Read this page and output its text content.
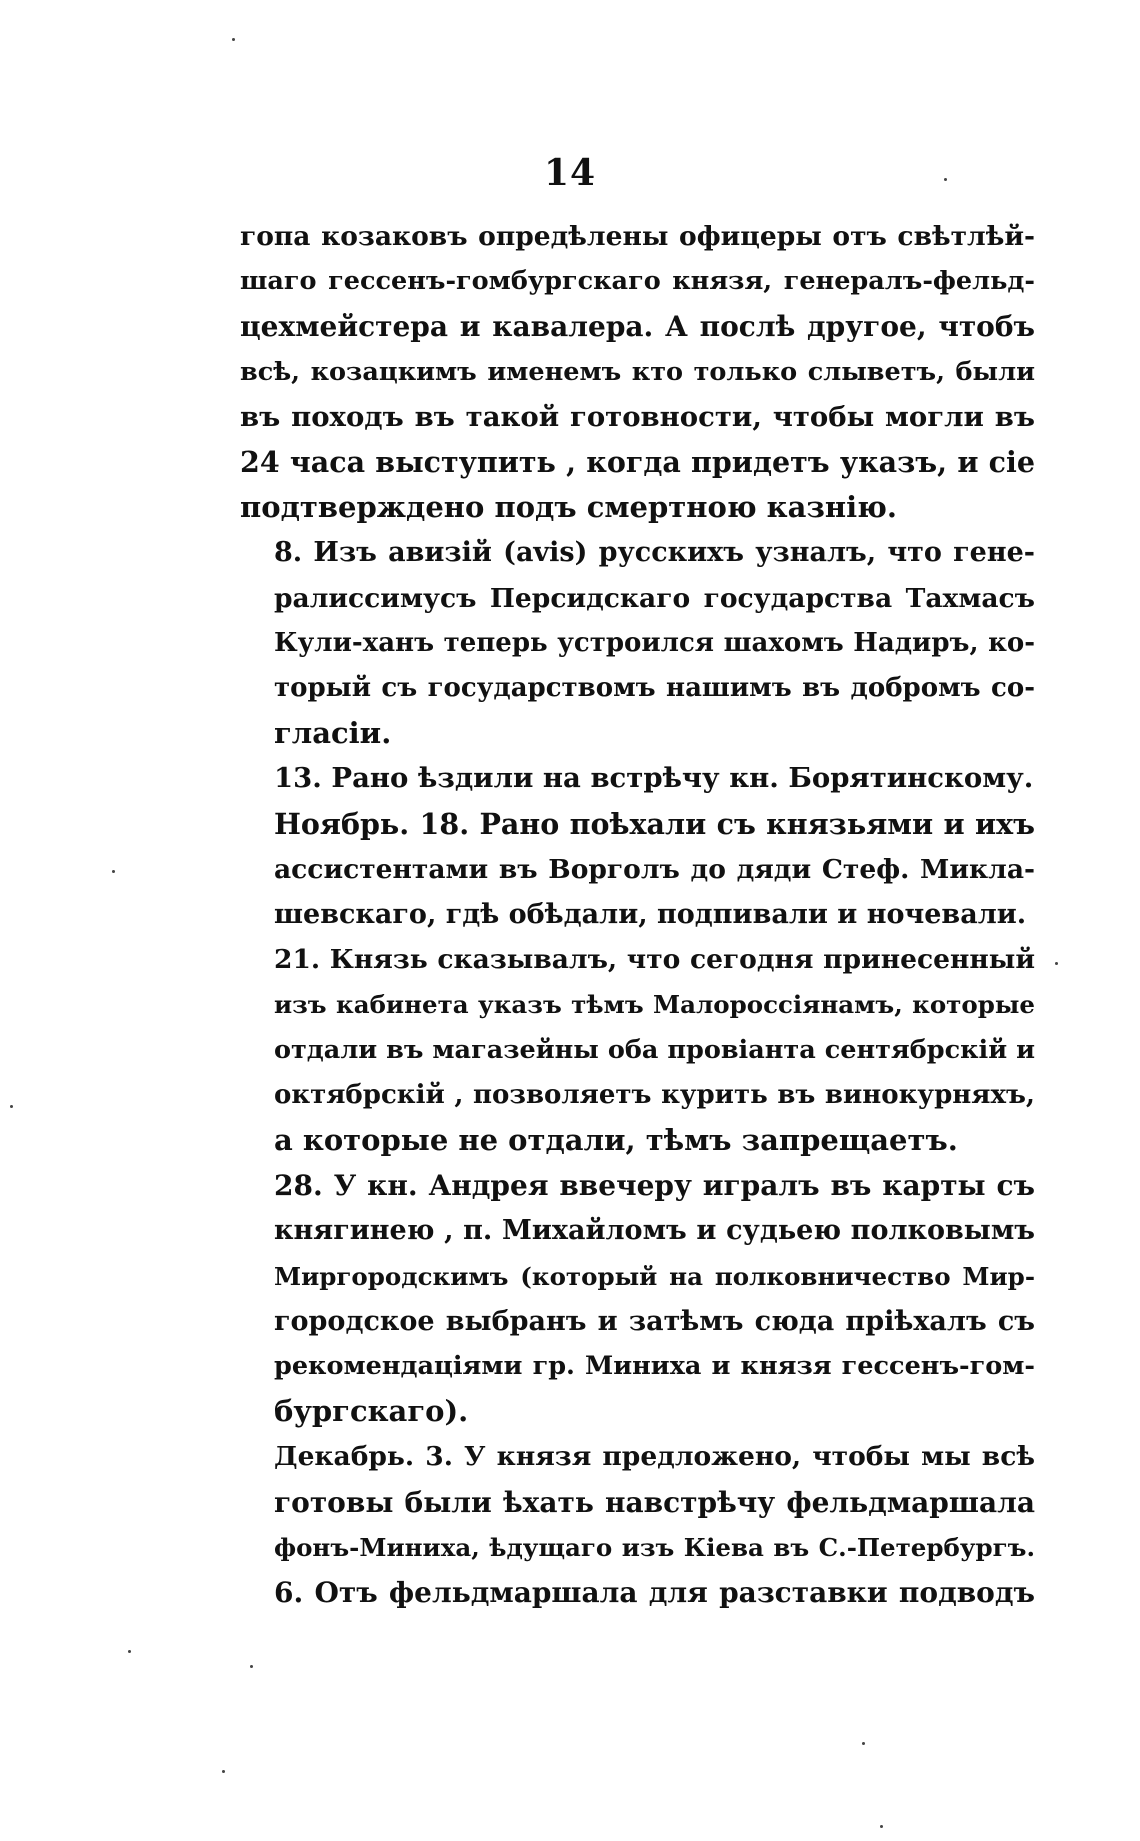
14

гопа козаковъ опредѣлены офицеры отъ свѣтлѣй-
шаго гессенъ-гомбургскаго князя, генералъ-фельд-
цехмейстера и кавалера. А послѣ другое, чтобъ
всѣ, козацкимъ именемъ кто только слыветъ, были
въ походъ въ такой готовности, чтобы могли въ
24 часа выступить , когда придетъ указъ, и сіе
подтверждено подъ смертною казнію.

8. Изъ авизій (avis) русскихъ узналъ, что гене-
ралиссимусъ Персидскаго государства Тахмасъ
Кули-ханъ теперь устроился шахомъ Надиръ, ко-
торый съ государствомъ нашимъ въ добромъ со-
гласіи.

13. Рано ѣздили на встрѣчу кн. Борятинскому.

Ноябрь. 18. Рано поѣхали съ князьями и ихъ
ассистентами въ Ворголъ до дяди Стеф. Микла-
шевскаго, гдѣ обѣдали, подпивали и ночевали.

21. Князь сказывалъ, что сегодня принесенный
изъ кабинета указъ тѣмъ Малороссіянамъ, которые
отдали въ магазейны оба провіанта сентябрскій и
октябрскій , позволяетъ курить въ винокурняхъ,
а которые не отдали, тѣмъ запрещаетъ.

28. У кн. Андрея ввечеру игралъ въ карты съ
княгинею , п. Михайломъ и судьею полковымъ
Миргородскимъ (который на полковничество Мир-
городское выбранъ и затѣмъ сюда пріѣхалъ съ
рекомендаціями гр. Миниха и князя гессенъ-гом-
бургскаго).

Декабрь. 3. У князя предложено, чтобы мы всѣ
готовы были ѣхать навстрѣчу фельдмаршала
фонъ-Миниха, ѣдущаго изъ Кіева въ С.-Петербургъ.

6. Отъ фельдмаршала для разставки подводъ
